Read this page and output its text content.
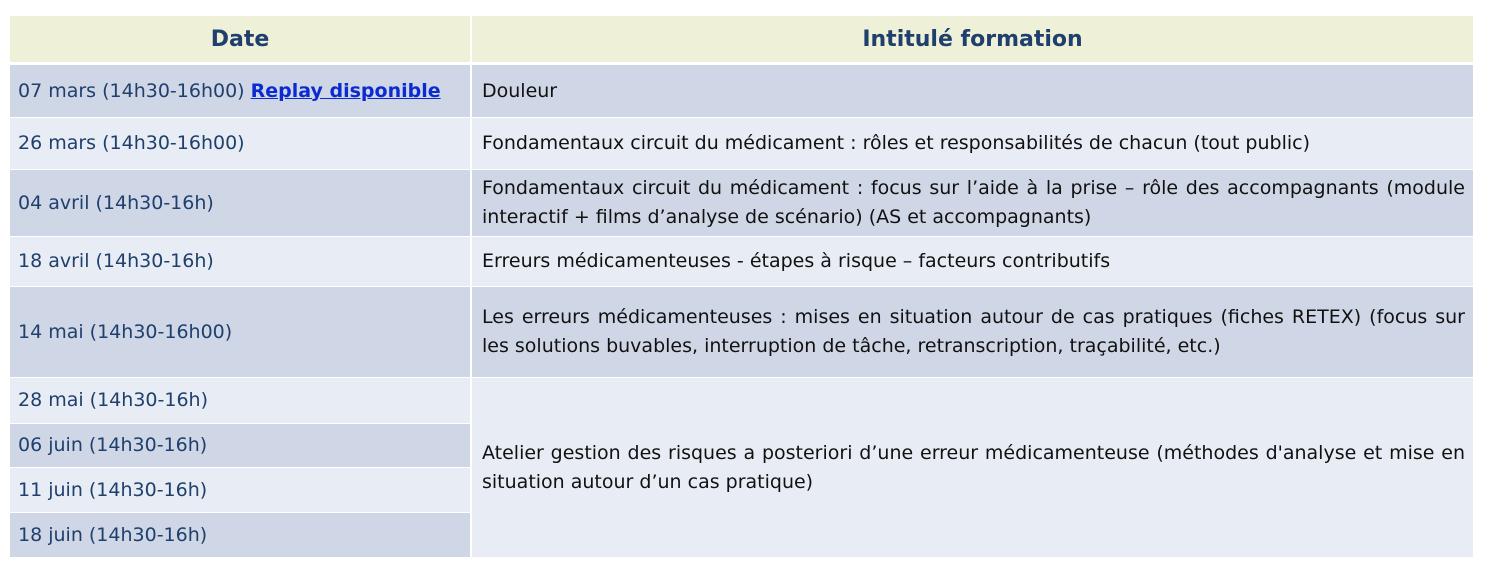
Date	Intitulé formation
07 mars (14h30-16h00) Replay disponible	Douleur
26 mars (14h30-16h00)	Fondamentaux circuit du médicament : rôles et responsabilités de chacun (tout public)
04 avril (14h30-16h)	Fondamentaux circuit du médicament : focus sur l’aide à la prise – rôle des accompagnants (module interactif + films d’analyse de scénario) (AS et accompagnants)
18 avril (14h30-16h)	Erreurs médicamenteuses - étapes à risque – facteurs contributifs
14 mai (14h30-16h00)	Les erreurs médicamenteuses : mises en situation autour de cas pratiques (fiches RETEX) (focus sur les solutions buvables, interruption de tâche, retranscription, traçabilité, etc.)
28 mai (14h30-16h)	Atelier gestion des risques a posteriori d’une erreur médicamenteuse (méthodes d'analyse et mise en situation autour d’un cas pratique)
06 juin (14h30-16h)	
11 juin (14h30-16h)	
18 juin (14h30-16h)	
